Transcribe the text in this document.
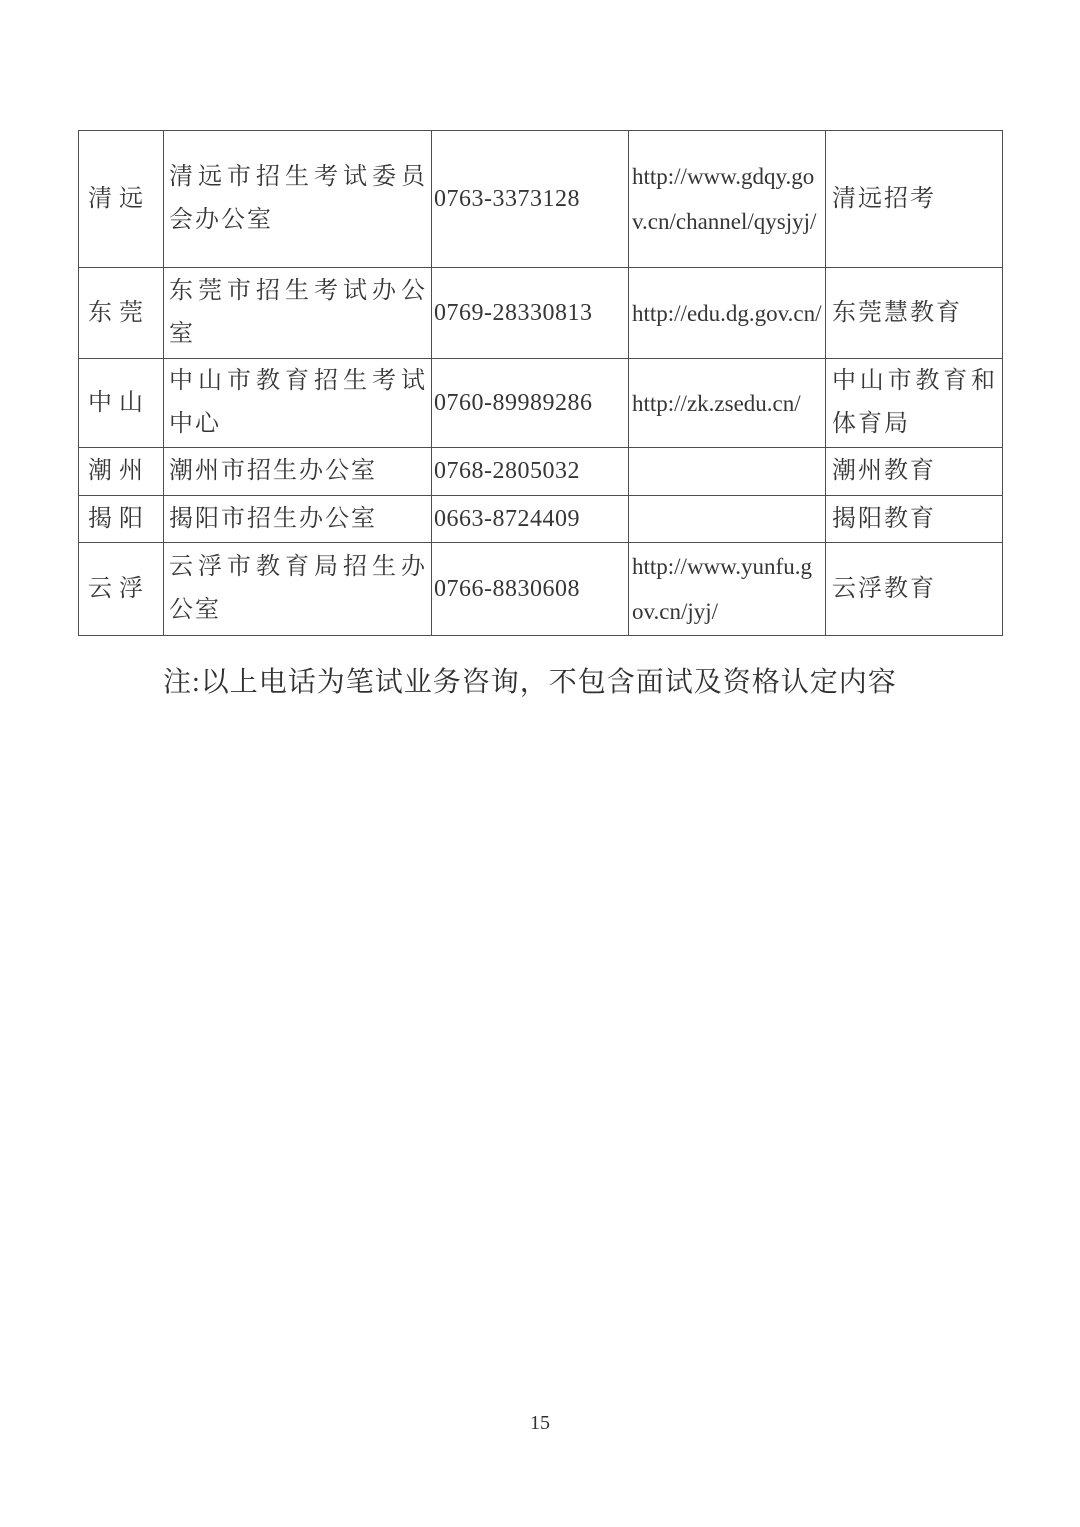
清远	清远市招生考试委员会办公室	0763-3373128	http://www.gdqy.gov.cn/channel/qysjyj/	清远招考
东莞	东莞市招生考试办公室	0769-28330813	http://edu.dg.gov.cn/	东莞慧教育
中山	中山市教育招生考试中心	0760-89989286	http://zk.zsedu.cn/	中山市教育和体育局
潮州	潮州市招生办公室	0768-2805032		潮州教育
揭阳	揭阳市招生办公室	0663-8724409		揭阳教育
云浮	云浮市教育局招生办公室	0766-8830608	http://www.yunfu.gov.cn/jyj/	云浮教育
注:以上电话为笔试业务咨询，不包含面试及资格认定内容
15
